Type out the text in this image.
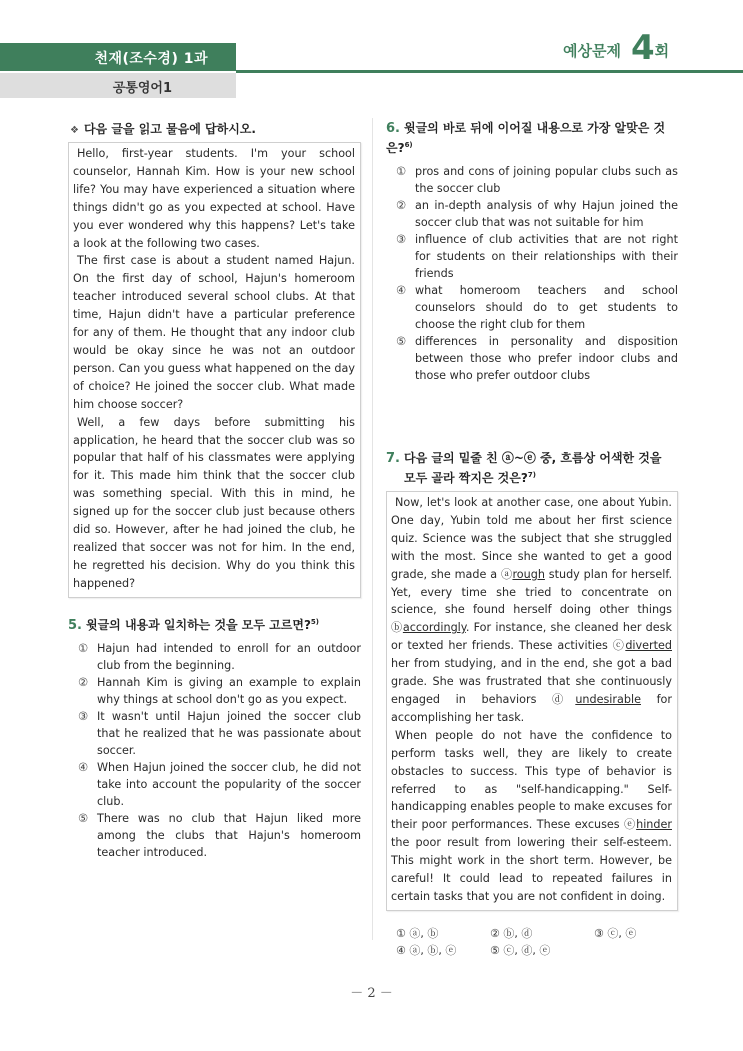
천재(조수경) 1과
공통영어1
예상문제 4 회
❖ 다음 글을 읽고 물음에 답하시오.

Hello, first-year students. I'm your school counselor, Hannah Kim. How is your new school life? You may have experienced a situation where things didn't go as you expected at school. Have you ever wondered why this happens? Let's take a look at the following two cases.

The first case is about a student named Hajun. On the first day of school, Hajun's homeroom teacher introduced several school clubs. At that time, Hajun didn't have a particular preference for any of them. He thought that any indoor club would be okay since he was not an outdoor person. Can you guess what happened on the day of choice? He joined the soccer club. What made him choose soccer?

Well, a few days before submitting his application, he heard that the soccer club was so popular that half of his classmates were applying for it. This made him think that the soccer club was something special. With this in mind, he signed up for the soccer club just because others did so. However, after he had joined the club, he realized that soccer was not for him. In the end, he regretted his decision. Why do you think this happened?

5. 윗글의 내용과 일치하는 것을 모두 고르면?$^{5)}$
① Hajun had intended to enroll for an outdoor club from the beginning.
② Hannah Kim is giving an example to explain why things at school don't go as you expect.
③ It wasn't until Hajun joined the soccer club that he realized that he was passionate about soccer.
④ When Hajun joined the soccer club, he did not take into account the popularity of the soccer club.
⑤ There was no club that Hajun liked more among the clubs that Hajun's homeroom teacher introduced.
6. 윗글의 바로 뒤에 이어질 내용으로 가장 알맞은 것은?$^{6)}$
① pros and cons of joining popular clubs such as the soccer club
② an in-depth analysis of why Hajun joined the soccer club that was not suitable for him
③ influence of club activities that are not right for students on their relationships with their friends
④ what homeroom teachers and school counselors should do to get students to choose the right club for them
⑤ differences in personality and disposition between those who prefer indoor clubs and those who prefer outdoor clubs
7. 다음 글의 밑줄 친 ⓐ~ⓔ 중, 흐름상 어색한 것을
모두 골라 짝지은 것은?$^{7)}$

Now, let's look at another case, one about Yubin. One day, Yubin told me about her first science quiz. Science was the subject that she struggled with the most. Since she wanted to get a good grade, she made a ⓐrough study plan for herself. Yet, every time she tried to concentrate on science, she found herself doing other things ⓑaccordingly. For instance, she cleaned her desk or texted her friends. These activities ⓒdiverted her from studying, and in the end, she got a bad grade. She was frustrated that she continuously engaged in behaviors ⓓundesirable for accomplishing her task.

When people do not have the confidence to perform tasks well, they are likely to create obstacles to success. This type of behavior is referred to as "self-handicapping." Self-handicapping enables people to make excuses for their poor performances. These excuses ⓔhinder the poor result from lowering their self-esteem. This might work in the short term. However, be careful! It could lead to repeated failures in certain tasks that you are not confident in doing.

① ⓐ, ⓑ	② ⓑ, ⓓ	③ ⓒ, ⓔ
④ ⓐ, ⓑ, ⓔ	⑤ ⓒ, ⓓ, ⓔ
－ 2 －
